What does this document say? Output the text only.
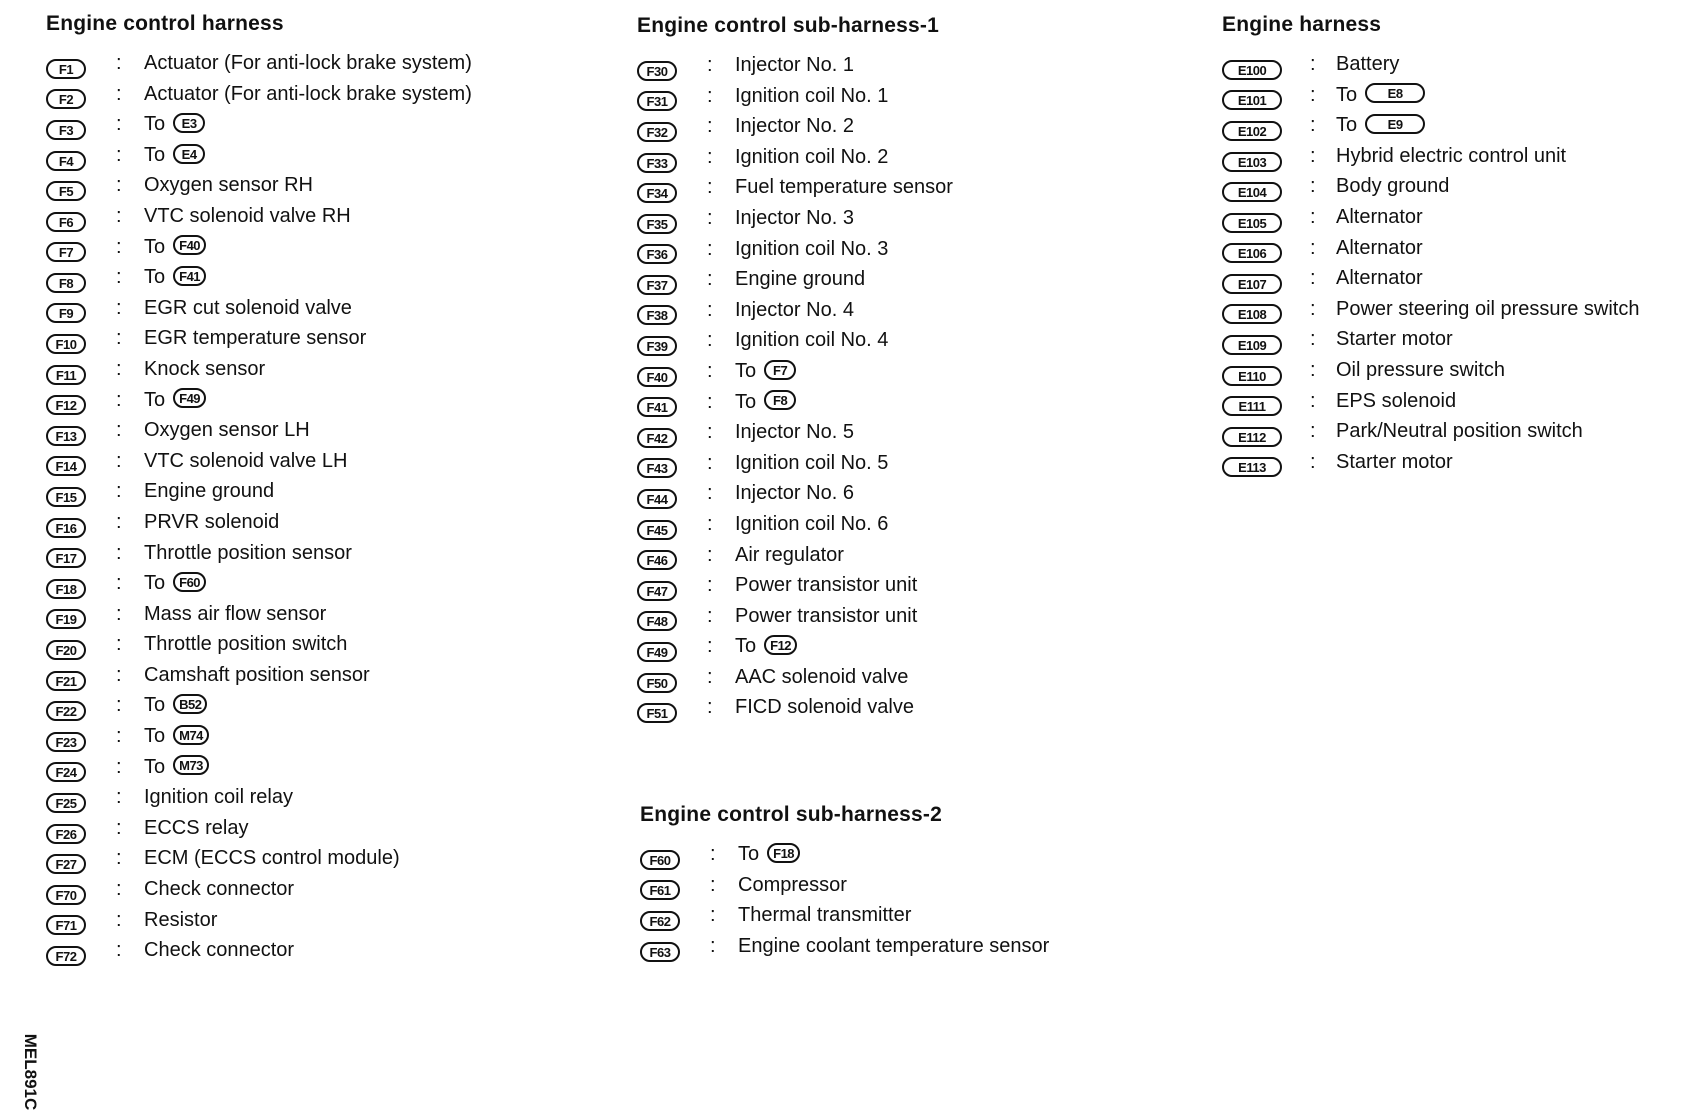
Engine control harness
F1	: Actuator (For anti-lock brake system)
F2	: Actuator (For anti-lock brake system)
F3	: To E3
F4	: To E4
F5	: Oxygen sensor RH
F6	: VTC solenoid valve RH
F7	: To F40
F8	: To F41
F9	: EGR cut solenoid valve
F10	: EGR temperature sensor
F11	: Knock sensor
F12	: To F49
F13	: Oxygen sensor LH
F14	: VTC solenoid valve LH
F15	: Engine ground
F16	: PRVR solenoid
F17	: Throttle position sensor
F18	: To F60
F19	: Mass air flow sensor
F20	: Throttle position switch
F21	: Camshaft position sensor
F22	: To B52
F23	: To M74
F24	: To M73
F25	: Ignition coil relay
F26	: ECCS relay
F27	: ECM (ECCS control module)
F70	: Check connector
F71	: Resistor
F72	: Check connector
Engine control sub-harness-1
F30	: Injector No. 1
F31	: Ignition coil No. 1
F32	: Injector No. 2
F33	: Ignition coil No. 2
F34	: Fuel temperature sensor
F35	: Injector No. 3
F36	: Ignition coil No. 3
F37	: Engine ground
F38	: Injector No. 4
F39	: Ignition coil No. 4
F40	: To F7
F41	: To F8
F42	: Injector No. 5
F43	: Ignition coil No. 5
F44	: Injector No. 6
F45	: Ignition coil No. 6
F46	: Air regulator
F47	: Power transistor unit
F48	: Power transistor unit
F49	: To F12
F50	: AAC solenoid valve
F51	: FICD solenoid valve
Engine control sub-harness-2
F60	: To F18
F61	: Compressor
F62	: Thermal transmitter
F63	: Engine coolant temperature sensor
Engine harness
E100	: Battery
E101	: To E8
E102	: To E9
E103	: Hybrid electric control unit
E104	: Body ground
E105	: Alternator
E106	: Alternator
E107	: Alternator
E108	: Power steering oil pressure switch
E109	: Starter motor
E110	: Oil pressure switch
E111	: EPS solenoid
E112	: Park/Neutral position switch
E113	: Starter motor
MEL891C
